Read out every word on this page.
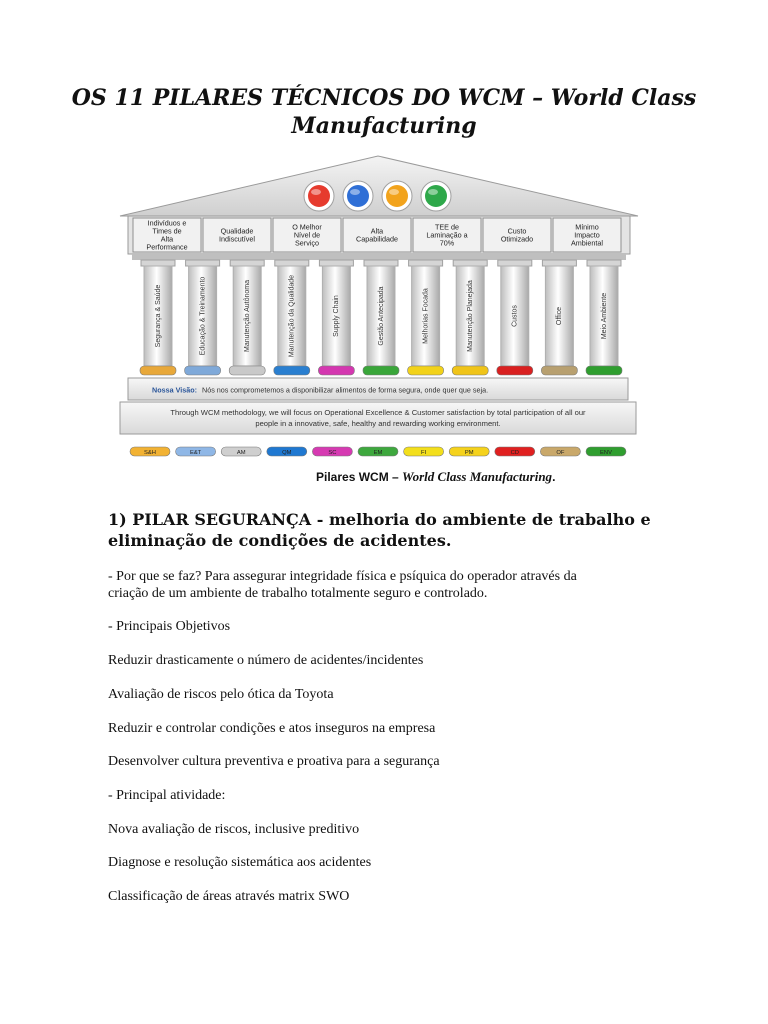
OS 11 PILARES TÉCNICOS DO WCM – World Class Manufacturing
Indivíduos e
Times de
Alta
Performance
Qualidade
Indiscutível
O Melhor
Nível de
Serviço
Alta
Capabilidade
TEE de
Laminação a
70%
Custo
Otimizado
Mínimo
Impacto
Ambiental
Segurança & Saúde	Educação & Treinamento	Manutenção Autônoma	Manutenção da Qualidade	Supply Chain	Gestão Antecipada	Melhorias Focada	Manutenção Planejada	Custos	Office	Meio Ambiente
Nossa Visão: Nós nos comprometemos a disponibilizar alimentos de forma segura, onde quer que seja.
Through WCM methodology, we will focus on Operational Excellence & Customer satisfaction by total participation of all our
people in a innovative, safe, healthy and rewarding working environment.
S&H	E&T	AM	QM	SC	EM	FI	PM	CD	OF	ENV
Pilares WCM – World Class Manufacturing.
1) PILAR SEGURANÇA - melhoria do ambiente de trabalho e eliminação de condições de acidentes.

- Por que se faz? Para assegurar integridade física e psíquica do operador através da

criação de um ambiente de trabalho totalmente seguro e controlado.

- Principais Objetivos

Reduzir drasticamente o número de acidentes/incidentes

Avaliação de riscos pelo ótica da Toyota

Reduzir e controlar condições e atos inseguros na empresa

Desenvolver cultura preventiva e proativa para a segurança

- Principal atividade:

Nova avaliação de riscos, inclusive preditivo

Diagnose e resolução sistemática aos acidentes

Classificação de áreas através matrix SWO
